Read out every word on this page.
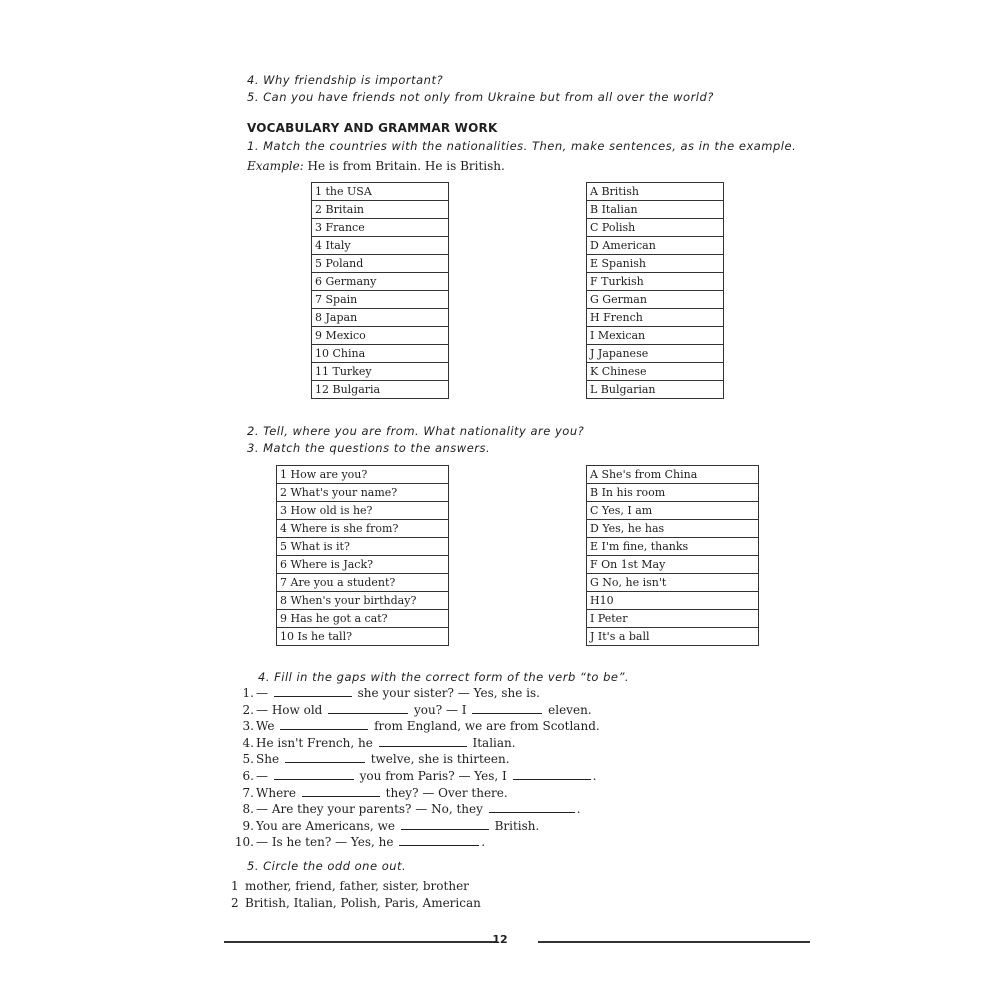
4. Why friendship is important?
5. Can you have friends not only from Ukraine but from all over the world?
VOCABULARY AND GRAMMAR WORK
1. Match the countries with the nationalities. Then, make sentences, as in the example.
Example: He is from Britain. He is British.
1 the USA
2 Britain
3 France
4 Italy
5 Poland
6 Germany
7 Spain
8 Japan
9 Mexico
10 China
11 Turkey
12 Bulgaria
A British
B Italian
C Polish
D American
E Spanish
F Turkish
G German
H French
I Mexican
J Japanese
K Chinese
L Bulgarian
2. Tell, where you are from. What nationality are you?
3. Match the questions to the answers.
1 How are you?
2 What's your name?
3 How old is he?
4 Where is she from?
5 What is it?
6 Where is Jack?
7 Are you a student?
8 When's your birthday?
9 Has he got a cat?
10 Is he tall?
A She's from China
B In his room
C Yes, I am
D Yes, he has
E I'm fine, thanks
F On 1st May
G No, he isn't
H10
I Peter
J It's a ball
4. Fill in the gaps with the correct form of the verb “to be”.
1. —	she your sister? — Yes, she is.
2. — How old	you? — I	eleven.
3. We	from England, we are from Scotland.
4. He isn't French, he	Italian.
5. She	twelve, she is thirteen.
6. —	you from Paris? — Yes, I	.
7. Where	they? — Over there.
8. — Are they your parents? — No, they	.
9. You are Americans, we	British.
10. — Is he ten? — Yes, he	.
5. Circle the odd one out.
1 mother, friend, father, sister, brother
2 British, Italian, Polish, Paris, American
12
